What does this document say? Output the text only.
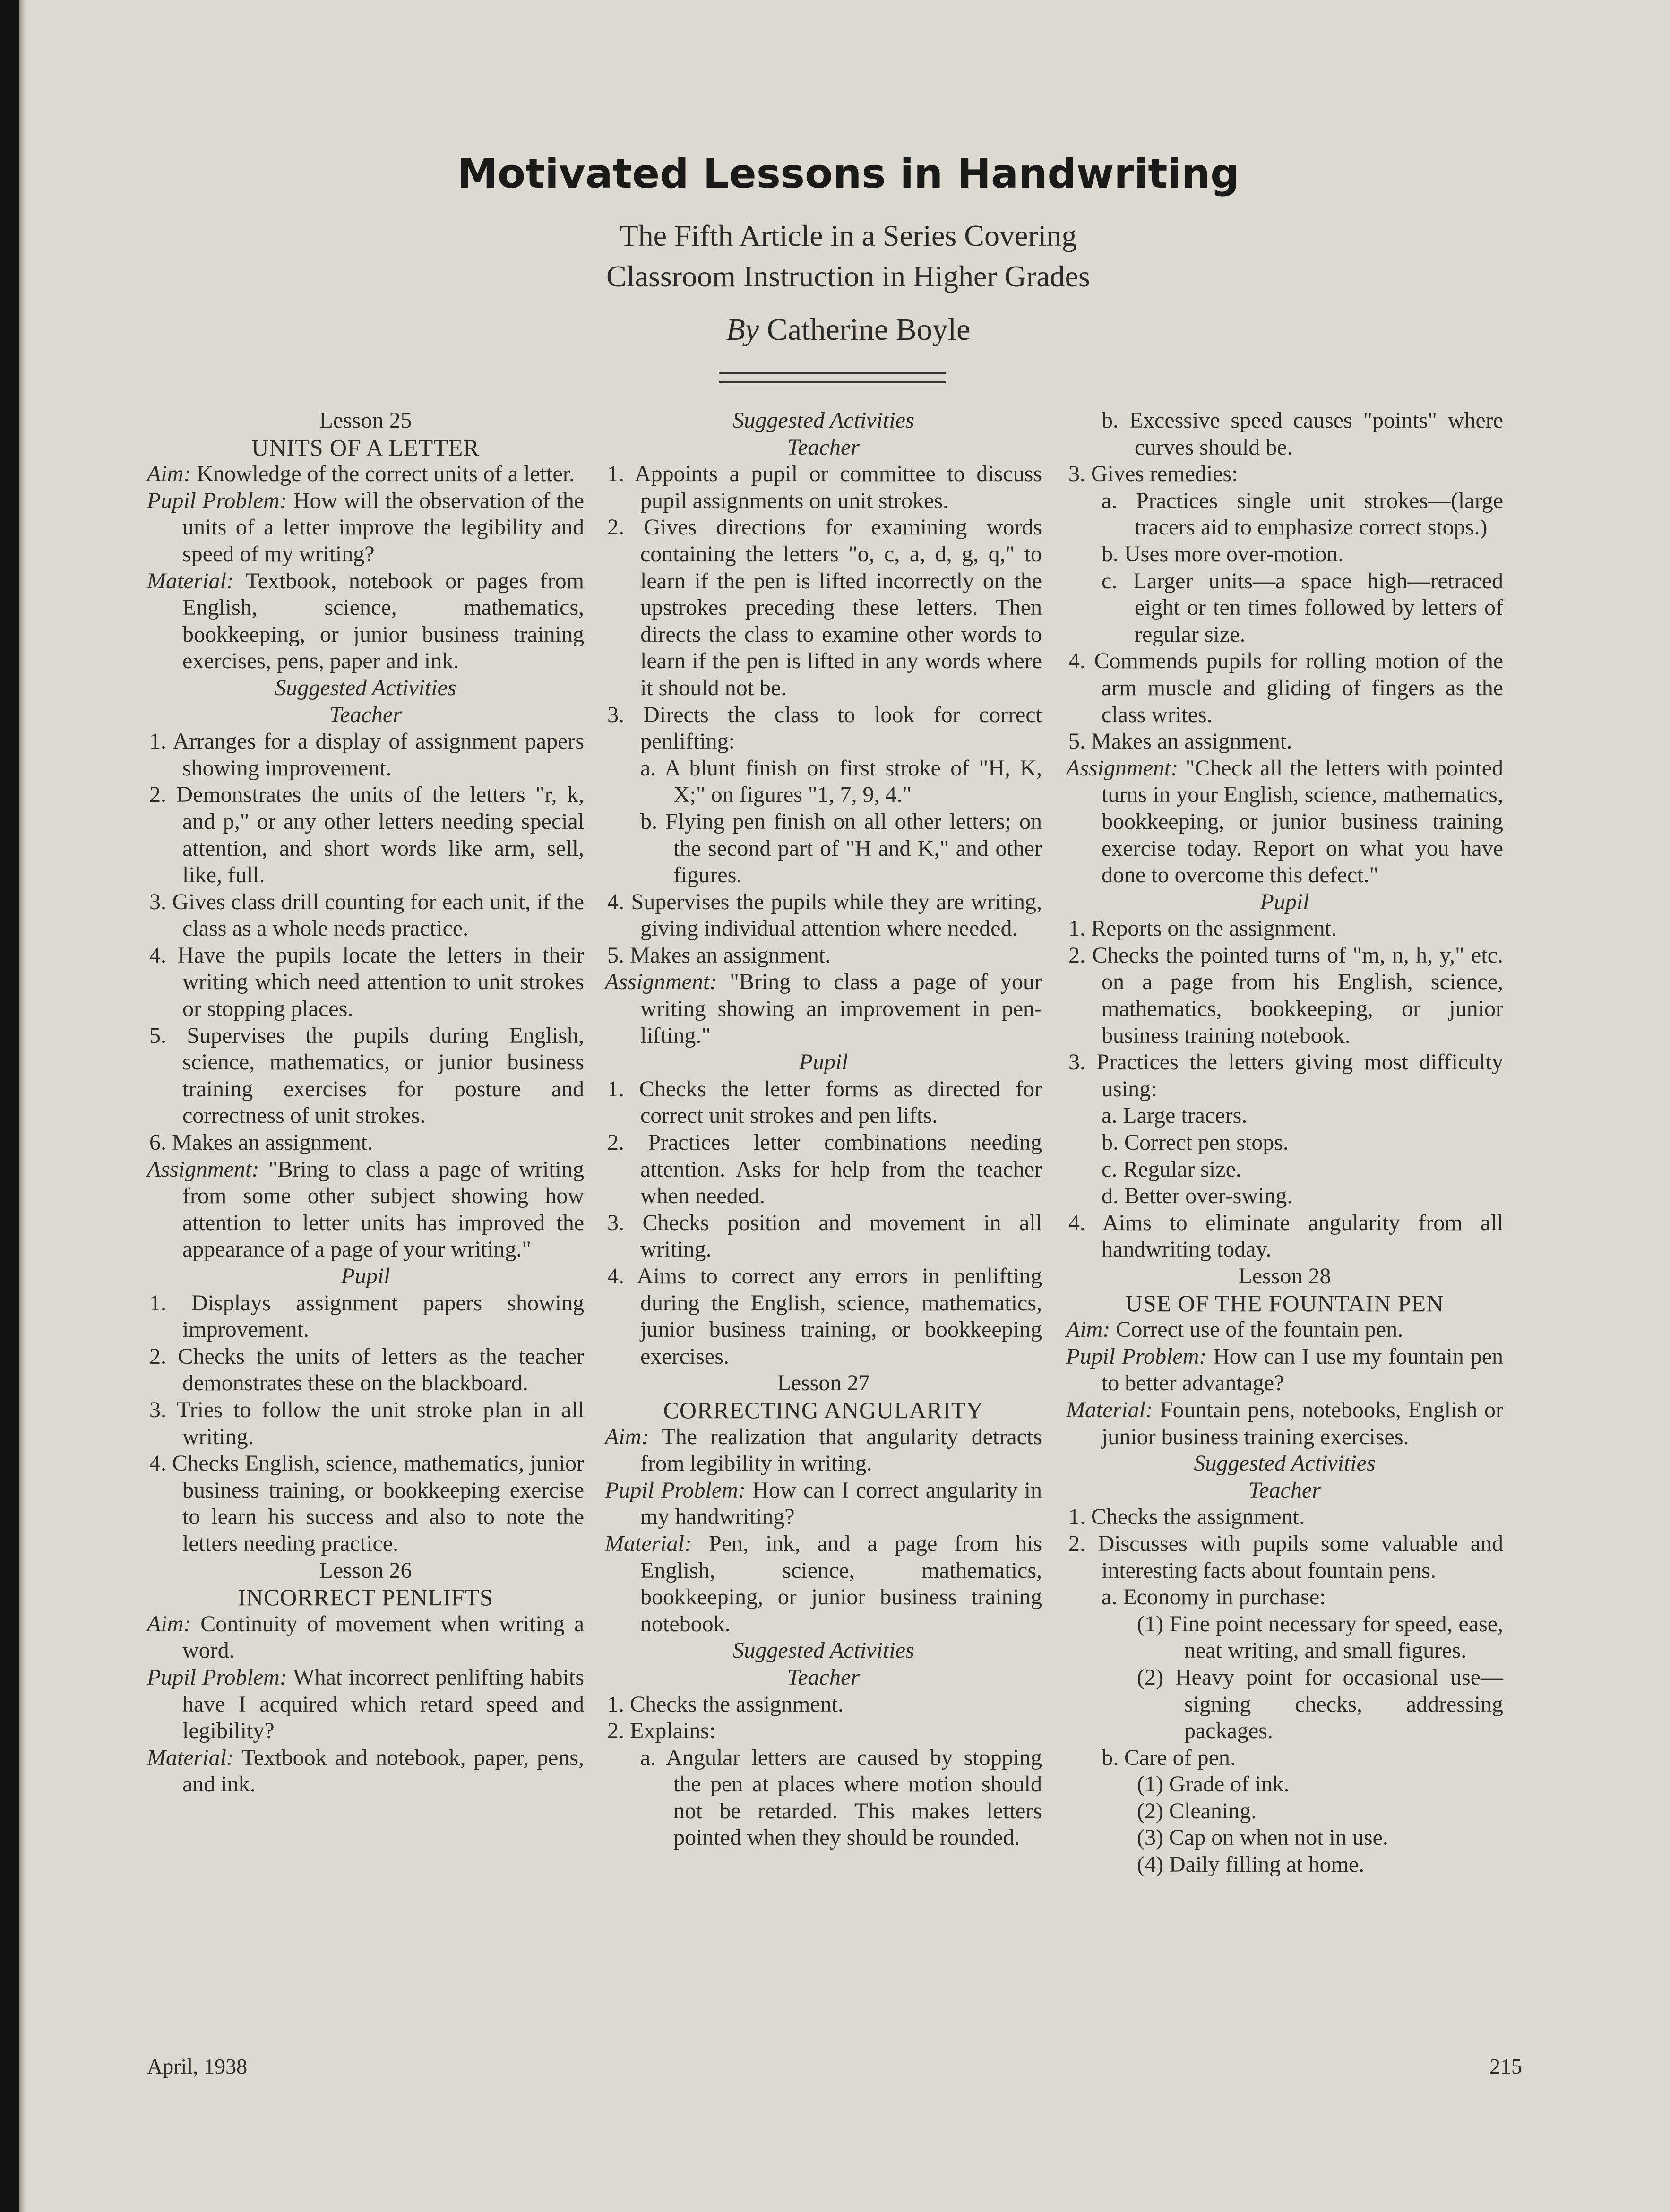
Motivated Lessons in Handwriting
The Fifth Article in a Series Covering
Classroom Instruction in Higher Grades
By Catherine Boyle
Lesson 25
UNITS OF A LETTER
Aim: Knowledge of the correct units of a letter.
Pupil Problem: How will the observation of the units of a letter improve the legibility and speed of my writing?
Material: Textbook, notebook or pages from English, science, mathematics, bookkeeping, or junior business training exercises, pens, paper and ink.
Suggested Activities
Teacher
1. Arranges for a display of assignment papers showing improvement.
2. Demonstrates the units of the letters "r, k, and p," or any other letters needing special attention, and short words like arm, sell, like, full.
3. Gives class drill counting for each unit, if the class as a whole needs practice.
4. Have the pupils locate the letters in their writing which need attention to unit strokes or stopping places.
5. Supervises the pupils during English, science, mathematics, or junior business training exercises for posture and correctness of unit strokes.
6. Makes an assignment.
Assignment: "Bring to class a page of writing from some other subject showing how attention to letter units has improved the appearance of a page of your writing."
Pupil
1. Displays assignment papers showing improvement.
2. Checks the units of letters as the teacher demonstrates these on the blackboard.
3. Tries to follow the unit stroke plan in all writing.
4. Checks English, science, mathematics, junior business training, or bookkeeping exercise to learn his success and also to note the letters needing practice.
Lesson 26
INCORRECT PENLIFTS
Aim: Continuity of movement when writing a word.
Pupil Problem: What incorrect penlifting habits have I acquired which retard speed and legibility?
Material: Textbook and notebook, paper, pens, and ink.
Suggested Activities
Teacher
1. Appoints a pupil or committee to discuss pupil assignments on unit strokes.
2. Gives directions for examining words containing the letters "o, c, a, d, g, q," to learn if the pen is lifted incorrectly on the upstrokes preceding these letters. Then directs the class to examine other words to learn if the pen is lifted in any words where it should not be.
3. Directs the class to look for correct penlifting:
a. A blunt finish on first stroke of "H, K, X;" on figures "1, 7, 9, 4."
b. Flying pen finish on all other letters; on the second part of "H and K," and other figures.
4. Supervises the pupils while they are writing, giving individual attention where needed.
5. Makes an assignment.
Assignment: "Bring to class a page of your writing showing an improvement in pen-lifting."
Pupil
1. Checks the letter forms as directed for correct unit strokes and pen lifts.
2. Practices letter combinations needing attention. Asks for help from the teacher when needed.
3. Checks position and movement in all writing.
4. Aims to correct any errors in penlifting during the English, science, mathematics, junior business training, or bookkeeping exercises.
Lesson 27
CORRECTING ANGULARITY
Aim: The realization that angularity detracts from legibility in writing.
Pupil Problem: How can I correct angularity in my handwriting?
Material: Pen, ink, and a page from his English, science, mathematics, bookkeeping, or junior business training notebook.
Suggested Activities
Teacher
1. Checks the assignment.
2. Explains:
a. Angular letters are caused by stopping the pen at places where motion should not be retarded. This makes letters pointed when they should be rounded.
b. Excessive speed causes "points" where curves should be.
3. Gives remedies:
a. Practices single unit strokes—(large tracers aid to emphasize correct stops.)
b. Uses more over-motion.
c. Larger units—a space high—retraced eight or ten times followed by letters of regular size.
4. Commends pupils for rolling motion of the arm muscle and gliding of fingers as the class writes.
5. Makes an assignment.
Assignment: "Check all the letters with pointed turns in your English, science, mathematics, bookkeeping, or junior business training exercise today. Report on what you have done to overcome this defect."
Pupil
1. Reports on the assignment.
2. Checks the pointed turns of "m, n, h, y," etc. on a page from his English, science, mathematics, bookkeeping, or junior business training notebook.
3. Practices the letters giving most difficulty using:
a. Large tracers.
b. Correct pen stops.
c. Regular size.
d. Better over-swing.
4. Aims to eliminate angularity from all handwriting today.
Lesson 28
USE OF THE FOUNTAIN PEN
Aim: Correct use of the fountain pen.
Pupil Problem: How can I use my fountain pen to better advantage?
Material: Fountain pens, notebooks, English or junior business training exercises.
Suggested Activities
Teacher
1. Checks the assignment.
2. Discusses with pupils some valuable and interesting facts about fountain pens.
a. Economy in purchase:
(1) Fine point necessary for speed, ease, neat writing, and small figures.
(2) Heavy point for occasional use—signing checks, addressing packages.
b. Care of pen.
(1) Grade of ink.
(2) Cleaning.
(3) Cap on when not in use.
(4) Daily filling at home.
April, 1938	215
